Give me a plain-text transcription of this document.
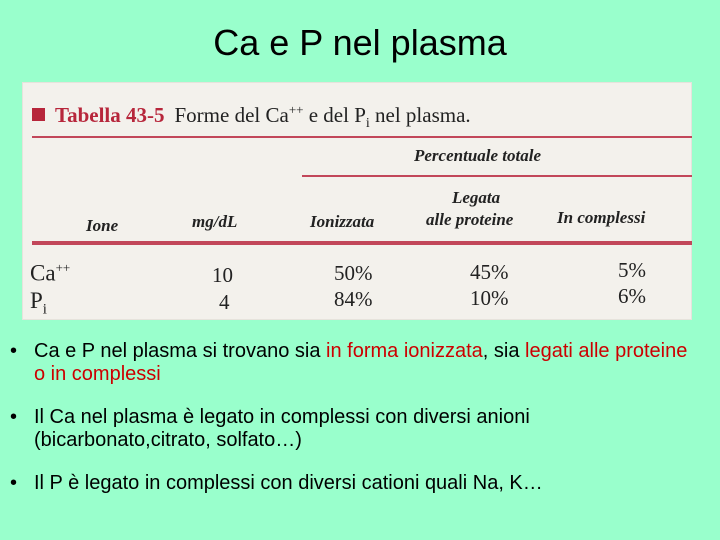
Ca e P nel plasma
Tabella 43-5 Forme del Ca++ e del $P_i$ nel plasma.
Percentuale totale
Legata
Ione	mg/dL	Ionizzata	alle proteine	In complessi
Ca++	10	50%	45%	5%
$P_i$	4	84%	10%	6%
• Ca e P nel plasma si trovano sia in forma ionizzata, sia legati alle proteine o in complessi
• Il Ca nel plasma è legato in complessi con diversi anioni (bicarbonato,citrato, solfato…)
• Il P è legato in complessi con diversi cationi quali Na, K…
